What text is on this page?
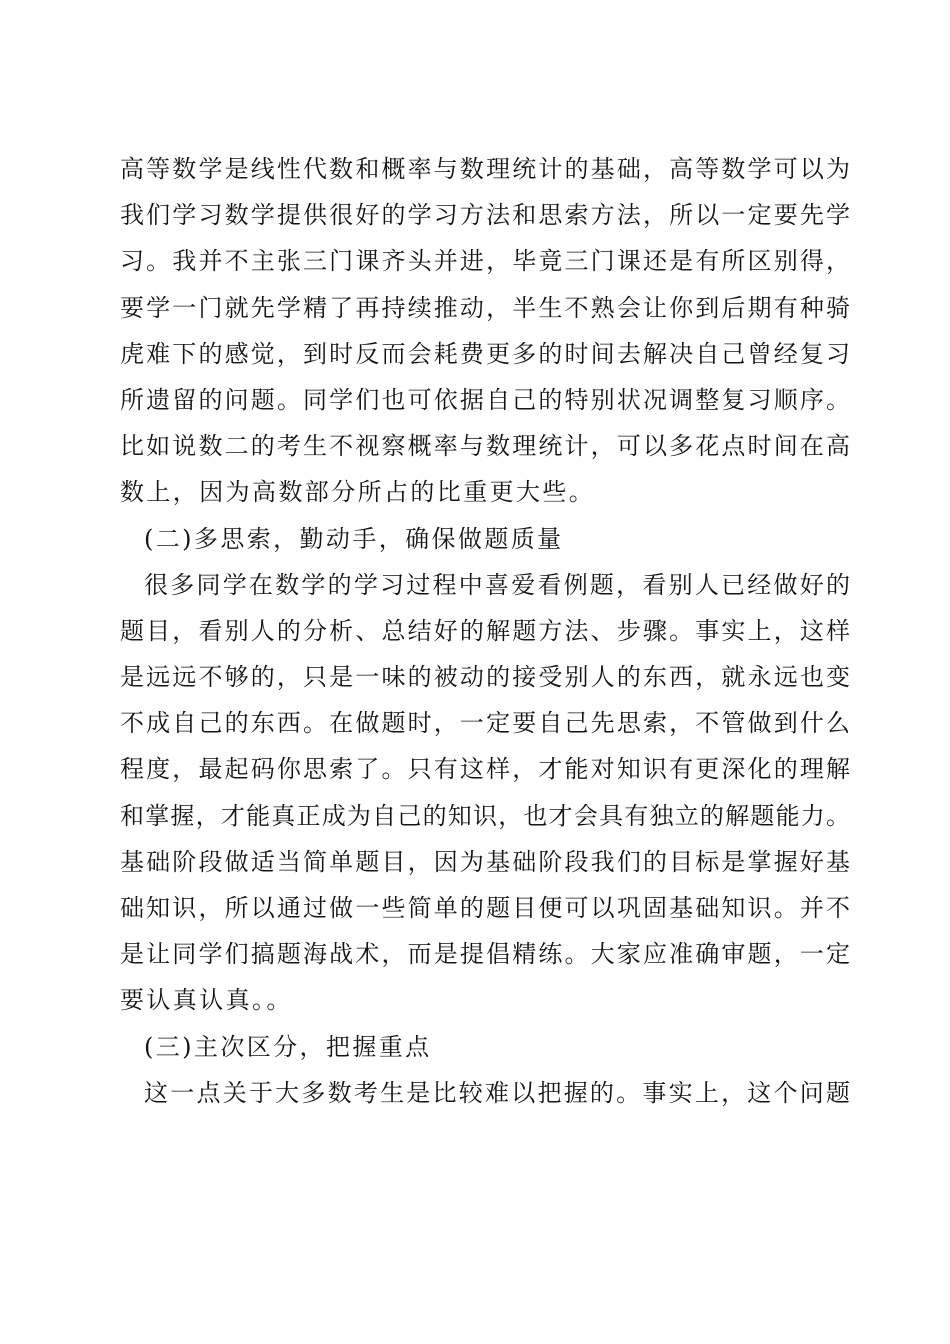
高等数学是线性代数和概率与数理统计的基础，高等数学可以为
我们学习数学提供很好的学习方法和思索方法，所以一定要先学
习。我并不主张三门课齐头并进，毕竟三门课还是有所区别得，
要学一门就先学精了再持续推动，半生不熟会让你到后期有种骑
虎难下的感觉，到时反而会耗费更多的时间去解决自己曾经复习
所遗留的问题。同学们也可依据自己的特别状况调整复习顺序。
比如说数二的考生不视察概率与数理统计，可以多花点时间在高
数上，因为高数部分所占的比重更大些。
(二)多思索，勤动手，确保做题质量
很多同学在数学的学习过程中喜爱看例题，看别人已经做好的
题目，看别人的分析、总结好的解题方法、步骤。事实上，这样
是远远不够的，只是一味的被动的接受别人的东西，就永远也变
不成自己的东西。在做题时，一定要自己先思索，不管做到什么
程度，最起码你思索了。只有这样，才能对知识有更深化的理解
和掌握，才能真正成为自己的知识，也才会具有独立的解题能力。
基础阶段做适当简单题目，因为基础阶段我们的目标是掌握好基
础知识，所以通过做一些简单的题目便可以巩固基础知识。并不
是让同学们搞题海战术，而是提倡精练。大家应准确审题，一定
要认真认真。。
(三)主次区分，把握重点
这一点关于大多数考生是比较难以把握的。事实上，这个问题
